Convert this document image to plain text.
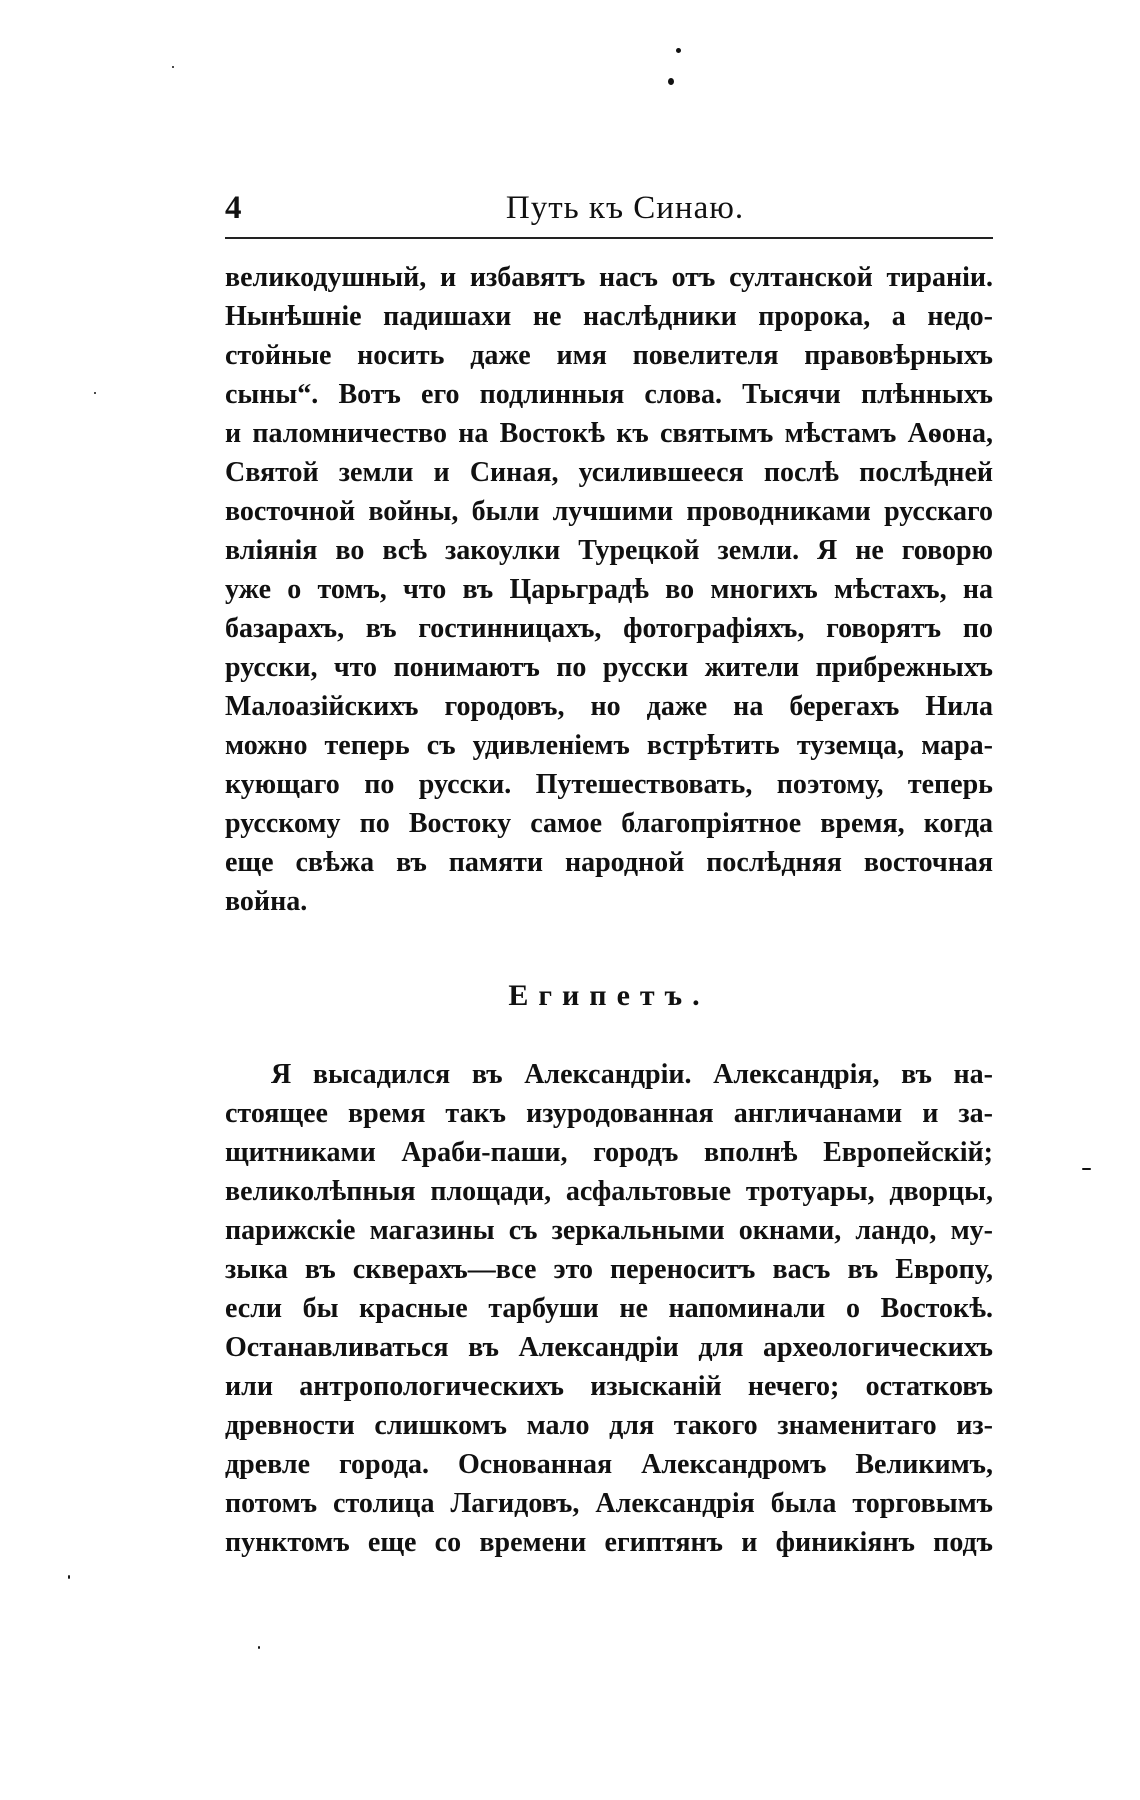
4	Путь къ Синаю.
великодушный, и избавятъ насъ отъ султанской тираніи.
Нынѣшніе падишахи не наслѣдники пророка, а недо-
стойные носить даже имя повелителя правовѣрныхъ
сыны“. Вотъ его подлинныя слова. Тысячи плѣнныхъ
и паломничество на Востокѣ къ святымъ мѣстамъ Аѳона,
Святой земли и Синая, усилившееся послѣ послѣдней
восточной войны, были лучшими проводниками русскаго
вліянія во всѣ закоулки Турецкой земли. Я не говорю
уже о томъ, что въ Царьградѣ во многихъ мѣстахъ, на
базарахъ, въ гостинницахъ, фотографіяхъ, говорятъ по
русски, что понимаютъ по русски жители прибрежныхъ
Малоазійскихъ городовъ, но даже на берегахъ Нила
можно теперь съ удивленіемъ встрѣтить туземца, мара-
кующаго по русски. Путешествовать, поэтому, теперь
русскому по Востоку самое благопріятное время, когда
еще свѣжа въ памяти народной послѣдняя восточная
война.
Египетъ.
Я высадился въ Александріи. Александрія, въ на-
стоящее время такъ изуродованная англичанами и за-
щитниками Араби-паши, городъ вполнѣ Европейскій;
великолѣпныя площади, асфальтовые тротуары, дворцы,
парижскіе магазины съ зеркальными окнами, ландо, му-
зыка въ скверахъ—все это переноситъ васъ въ Европу,
если бы красные тарбуши не напоминали о Востокѣ.
Останавливаться въ Александріи для археологическихъ
или антропологическихъ изысканій нечего; остатковъ
древности слишкомъ мало для такого знаменитаго из-
древле города. Основанная Александромъ Великимъ,
потомъ столица Лагидовъ, Александрія была торговымъ
пунктомъ еще со времени египтянъ и финикіянъ подъ
